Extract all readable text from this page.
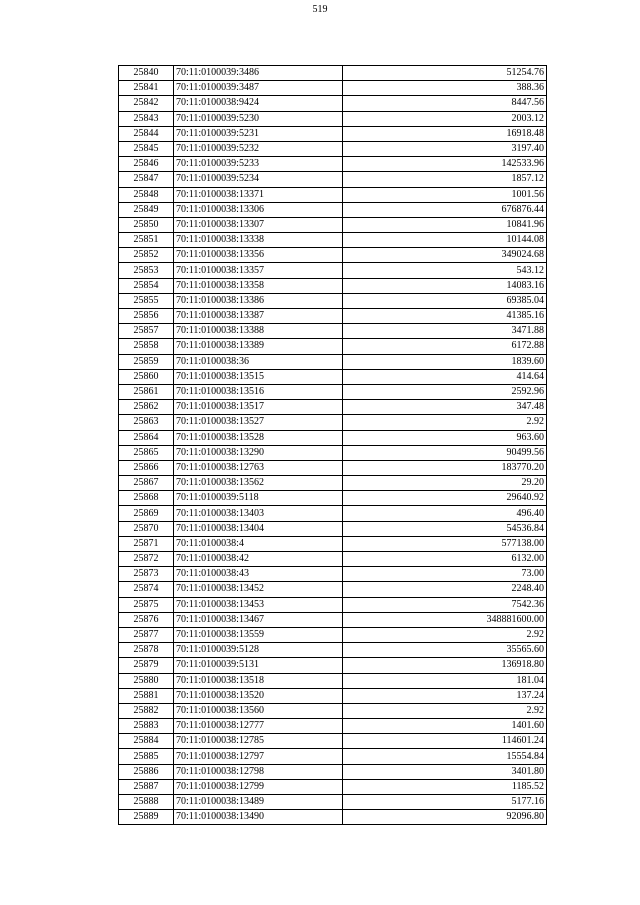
519
25840	70:11:0100039:3486	51254.76
25841	70:11:0100039:3487	388.36
25842	70:11:0100038:9424	8447.56
25843	70:11:0100039:5230	2003.12
25844	70:11:0100039:5231	16918.48
25845	70:11:0100039:5232	3197.40
25846	70:11:0100039:5233	142533.96
25847	70:11:0100039:5234	1857.12
25848	70:11:0100038:13371	1001.56
25849	70:11:0100038:13306	676876.44
25850	70:11:0100038:13307	10841.96
25851	70:11:0100038:13338	10144.08
25852	70:11:0100038:13356	349024.68
25853	70:11:0100038:13357	543.12
25854	70:11:0100038:13358	14083.16
25855	70:11:0100038:13386	69385.04
25856	70:11:0100038:13387	41385.16
25857	70:11:0100038:13388	3471.88
25858	70:11:0100038:13389	6172.88
25859	70:11:0100038:36	1839.60
25860	70:11:0100038:13515	414.64
25861	70:11:0100038:13516	2592.96
25862	70:11:0100038:13517	347.48
25863	70:11:0100038:13527	2.92
25864	70:11:0100038:13528	963.60
25865	70:11:0100038:13290	90499.56
25866	70:11:0100038:12763	183770.20
25867	70:11:0100038:13562	29.20
25868	70:11:0100039:5118	29640.92
25869	70:11:0100038:13403	496.40
25870	70:11:0100038:13404	54536.84
25871	70:11:0100038:4	577138.00
25872	70:11:0100038:42	6132.00
25873	70:11:0100038:43	73.00
25874	70:11:0100038:13452	2248.40
25875	70:11:0100038:13453	7542.36
25876	70:11:0100038:13467	348881600.00
25877	70:11:0100038:13559	2.92
25878	70:11:0100039:5128	35565.60
25879	70:11:0100039:5131	136918.80
25880	70:11:0100038:13518	181.04
25881	70:11:0100038:13520	137.24
25882	70:11:0100038:13560	2.92
25883	70:11:0100038:12777	1401.60
25884	70:11:0100038:12785	114601.24
25885	70:11:0100038:12797	15554.84
25886	70:11:0100038:12798	3401.80
25887	70:11:0100038:12799	1185.52
25888	70:11:0100038:13489	5177.16
25889	70:11:0100038:13490	92096.80
